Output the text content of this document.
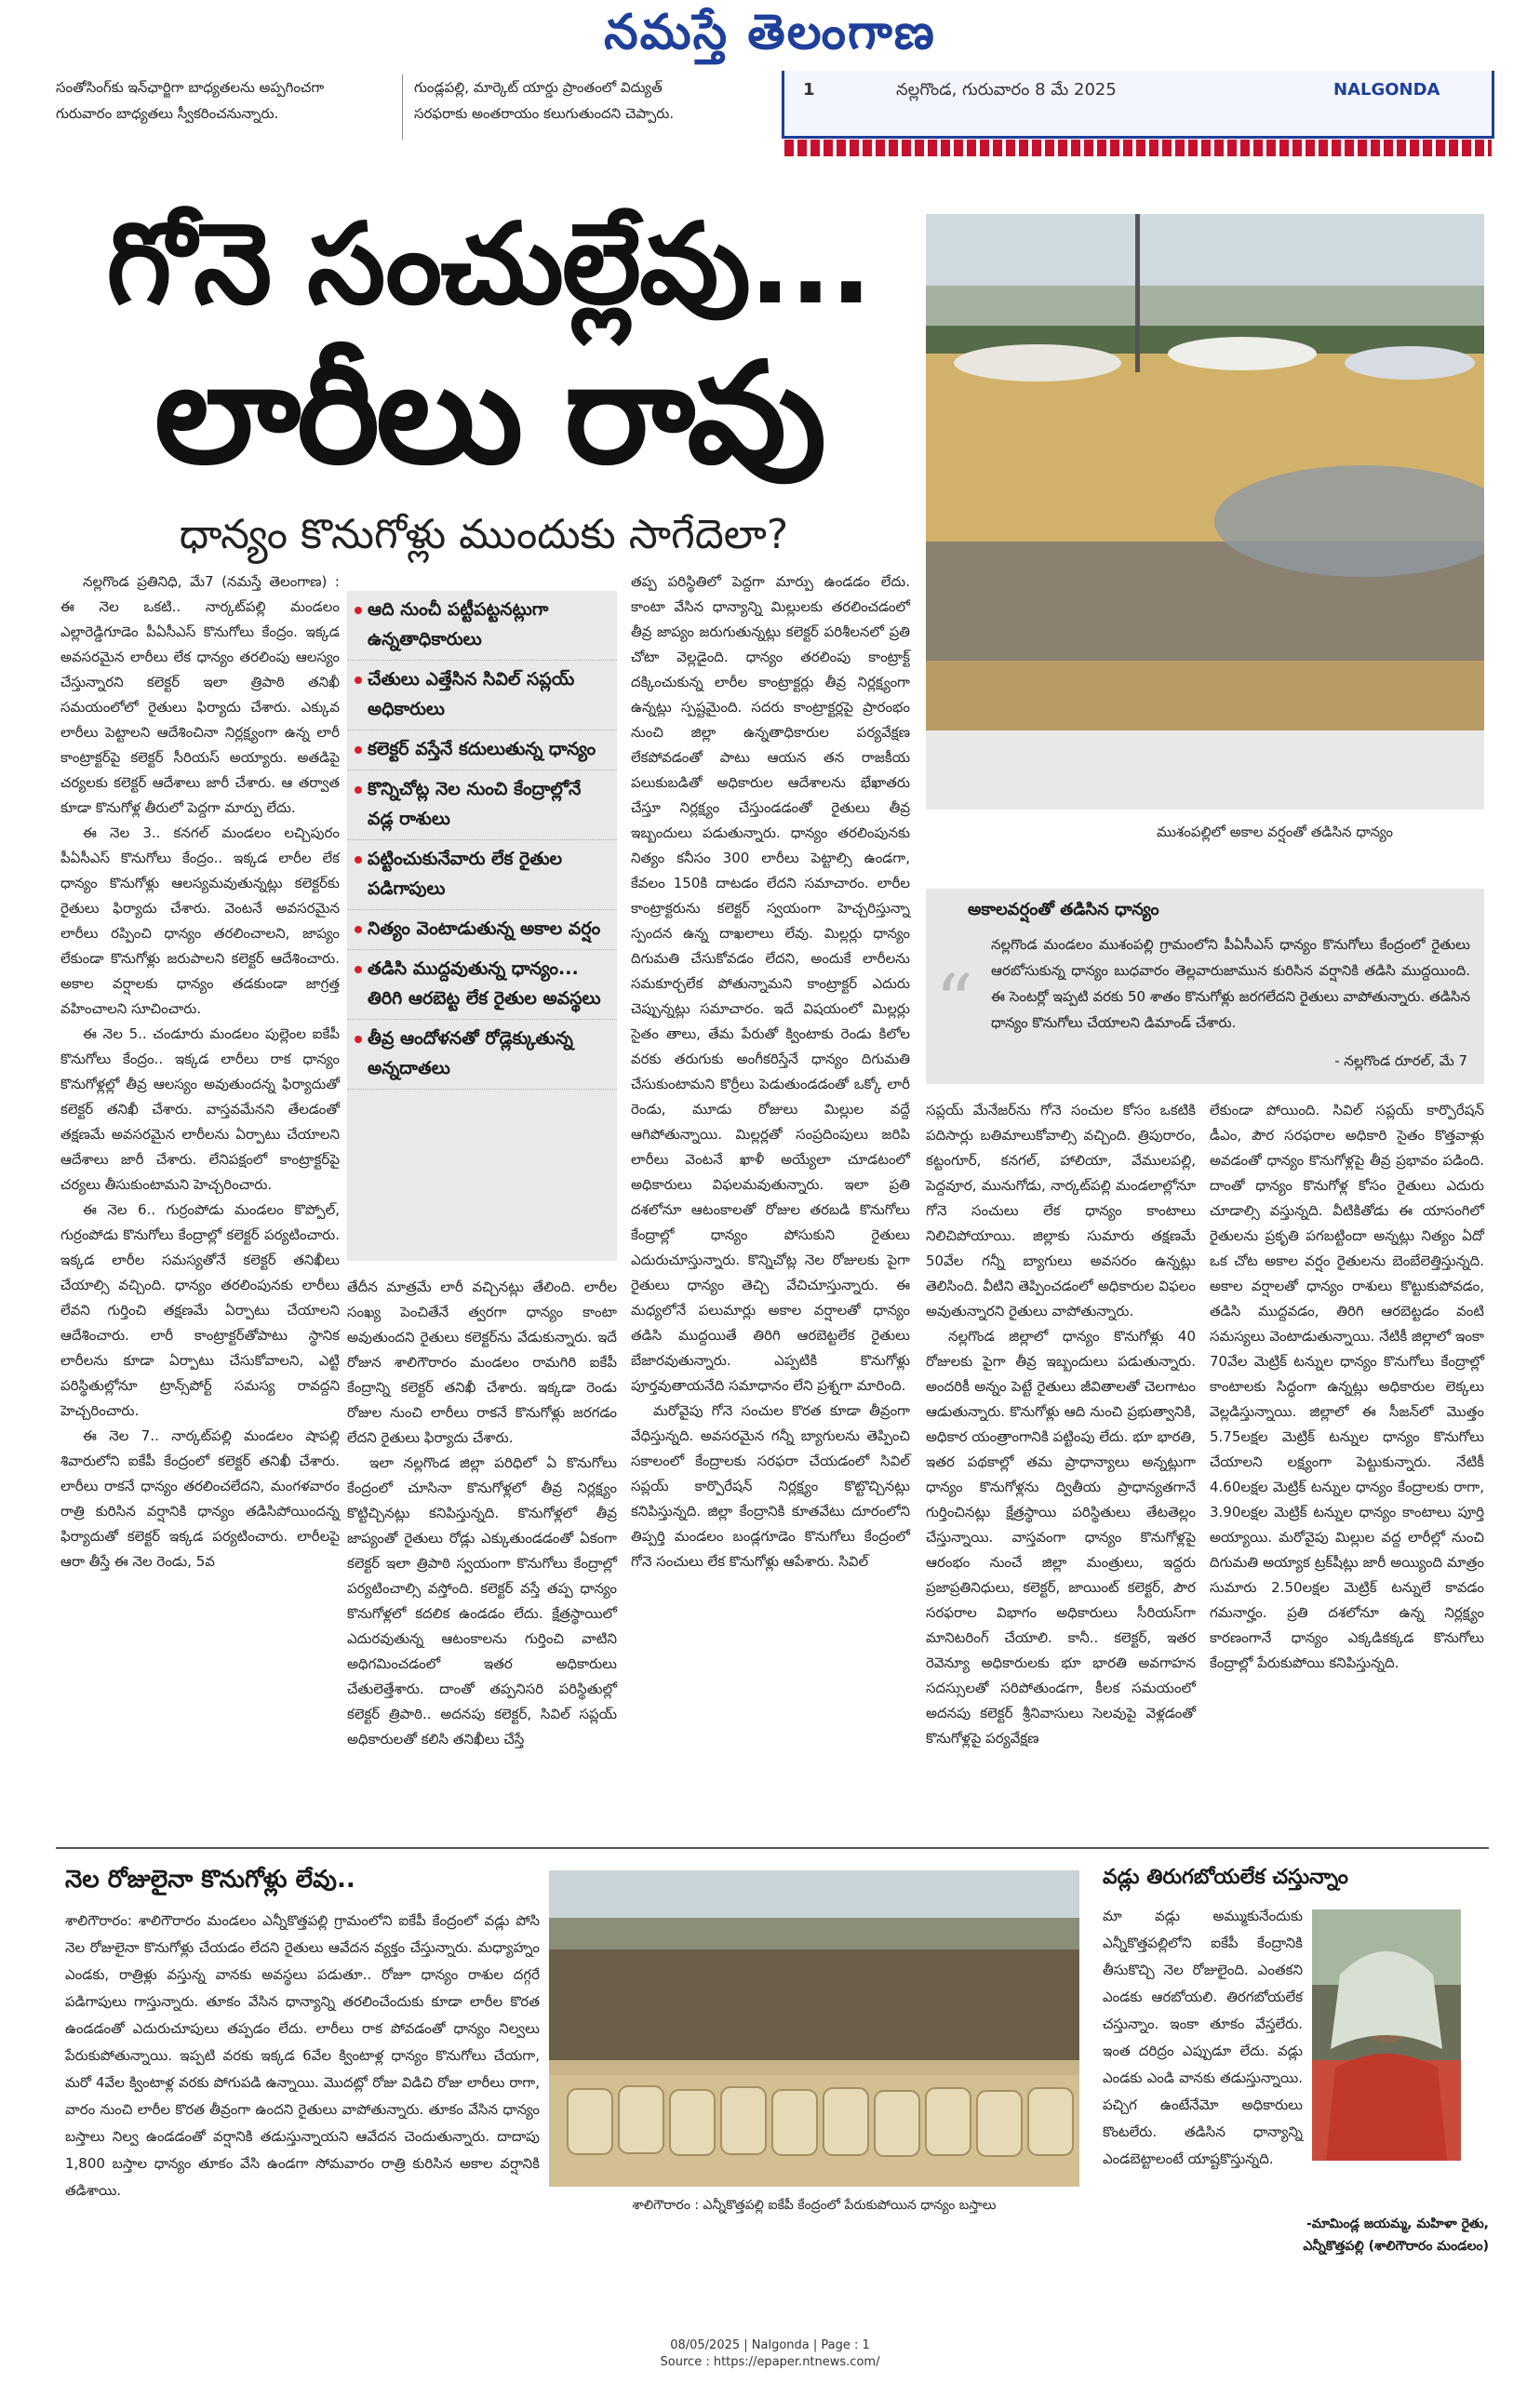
నమస్తే తెలంగాణ
సంతోసింగ్‌కు ఇన్‌ఛార్జిగా బాధ్యతలను అప్పగించగా
గురువారం బాధ్యతలు స్వీకరించనున్నారు.
గుండ్లపల్లి, మార్కెట్ యార్డు ప్రాంతంలో విద్యుత్
సరఫరాకు అంతరాయం కలుగుతుందని చెప్పారు.
1	నల్లగొండ, గురువారం 8 మే 2025	NALGONDA
గోనె సంచుల్లేవు...
లారీలు రావు
ధాన్యం కొనుగోళ్లు ముందుకు సాగేదెలా?
ముశంపల్లిలో అకాల వర్షంతో తడిసిన ధాన్యం

నల్లగొండ ప్రతినిధి, మే7 (నమస్తే తెలంగాణ) : ఈ నెల ఒకటి.. నార్కట్‌పల్లి మండలం ఎల్లారెడ్డిగూడెం పీఏసీఎస్ కొనుగోలు కేంద్రం. ఇక్కడ అవసరమైన లారీలు లేక ధాన్యం తరలింపు ఆలస్యం చేస్తున్నారని కలెక్టర్ ఇలా త్రిపాఠి తనిఖీ సమయంలోలో రైతులు ఫిర్యాదు చేశారు. ఎక్కువ లారీలు పెట్టాలని ఆదేశించినా నిర్లక్ష్యంగా ఉన్న లారీ కాంట్రాక్టర్‌పై కలెక్టర్ సీరియస్ అయ్యారు. అతడిపై చర్యలకు కలెక్టర్ ఆదేశాలు జారీ చేశారు. ఆ తర్వాత కూడా కొనుగోళ్ల తీరులో పెద్దగా మార్పు లేదు.

ఈ నెల 3.. కనగల్ మండలం లచ్చిపురం పీఏసీఎస్ కొనుగోలు కేంద్రం.. ఇక్కడ లారీల లేక ధాన్యం కొనుగోళ్లు ఆలస్యమవుతున్నట్లు కలెక్టర్‌కు రైతులు ఫిర్యాదు చేశారు. వెంటనే అవసరమైన లారీలు రప్పించి ధాన్యం తరలించాలని, జాప్యం లేకుండా కొనుగోళ్లు జరుపాలని కలెక్టర్ ఆదేశించారు. అకాల వర్షాలకు ధాన్యం తడకుండా జాగ్రత్త వహించాలని సూచించారు.

ఈ నెల 5.. చండూరు మండలం పుల్లెంల ఐకేపీ కొనుగోలు కేంద్రం.. ఇక్కడ లారీలు రాక ధాన్యం కొనుగోళ్లల్లో తీవ్ర ఆలస్యం అవుతుందన్న ఫిర్యాదుతో కలెక్టర్ తనిఖీ చేశారు. వాస్తవమేనని తేలడంతో తక్షణమే అవసరమైన లారీలను ఏర్పాటు చేయాలని ఆదేశాలు జారీ చేశారు. లేనిపక్షంలో కాంట్రాక్టర్‌పై చర్యలు తీసుకుంటామని హెచ్చరించారు.

ఈ నెల 6.. గుర్రంపోడు మండలం కొప్పోల్, గుర్రంపోడు కొనుగోలు కేంద్రాల్లో కలెక్టర్ పర్యటించారు. ఇక్కడ లారీల సమస్యతోనే కలెక్టర్ తనిఖీలు చేయాల్సి వచ్చింది. ధాన్యం తరలింపునకు లారీలు లేవని గుర్తించి తక్షణమే ఏర్పాటు చేయాలని ఆదేశించారు. లారీ కాంట్రాక్టర్‌తోపాటు స్థానిక లారీలను కూడా ఏర్పాటు చేసుకోవాలని, ఎట్టి పరిస్థితుల్లోనూ ట్రాన్స్‌పోర్ట్ సమస్య రావద్దని హెచ్చరించారు.

ఈ నెల 7.. నార్కట్‌పల్లి మండలం షాపల్లి శివారులోని ఐకేపీ కేంద్రంలో కలెక్టర్ తనిఖీ చేశారు. లారీలు రాకనే ధాన్యం తరలించలేదని, మంగళవారం రాత్రి కురిసిన వర్షానికి ధాన్యం తడిసిపోయిందన్న ఫిర్యాదుతో కలెక్టర్ ఇక్కడ పర్యటించారు. లారీలపై ఆరా తీస్తే ఈ నెల రెండు, 5వ

ఆది నుంచీ పట్టీపట్టనట్లుగా ఉన్నతాధికారులు
చేతులు ఎత్తేసిన సివిల్ సప్లయ్ అధికారులు
కలెక్టర్ వస్తేనే కదులుతున్న ధాన్యం
కొన్నిచోట్ల నెల నుంచి కేంద్రాల్లోనే వడ్ల రాశులు
పట్టించుకునేవారు లేక రైతుల పడిగాపులు
నిత్యం వెంటాడుతున్న అకాల వర్షం
తడిసి ముద్దవుతున్న ధాన్యం... తిరిగి ఆరబెట్ట లేక రైతుల అవస్థలు
తీవ్ర ఆందోళనతో రోడ్లెక్కుతున్న అన్నదాతలు

తేదీన మాత్రమే లారీ వచ్చినట్లు తేలింది. లారీల సంఖ్య పెంచితేనే త్వరగా ధాన్యం కాంటా అవుతుందని రైతులు కలెక్టర్‌ను వేడుకున్నారు. ఇదే రోజున శాలిగౌరారం మండలం రామగిరి ఐకేపీ కేంద్రాన్ని కలెక్టర్ తనిఖీ చేశారు. ఇక్కడా రెండు రోజుల నుంచి లారీలు రాకనే కొనుగోళ్లు జరగడం లేదని రైతులు ఫిర్యాదు చేశారు.

ఇలా నల్లగొండ జిల్లా పరిధిలో ఏ కొనుగోలు కేంద్రంలో చూసినా కొనుగోళ్లలో తీవ్ర నిర్లక్ష్యం కొట్టిచ్చినట్లు కనిపిస్తున్నది. కొనుగోళ్లలో తీవ్ర జాప్యంతో రైతులు రోడ్లు ఎక్కుతుండడంతో ఏకంగా కలెక్టర్ ఇలా త్రిపాఠి స్వయంగా కొనుగోలు కేంద్రాల్లో పర్యటించాల్సి వస్తోంది. కలెక్టర్ వస్తే తప్ప ధాన్యం కొనుగోళ్లలో కదలిక ఉండడం లేదు. క్షేత్రస్థాయిలో ఎదురవుతున్న ఆటంకాలను గుర్తించి వాటిని అధిగమించడంలో ఇతర అధికారులు చేతులెత్తేశారు. దాంతో తప్పనిసరి పరిస్థితుల్లో కలెక్టర్ త్రిపాఠి.. అదనపు కలెక్టర్, సివిల్ సప్లయ్ అధికారులతో కలిసి తనిఖీలు చేస్తే

తప్ప పరిస్థితిలో పెద్దగా మార్పు ఉండడం లేదు. కాంటా వేసిన ధాన్యాన్ని మిల్లులకు తరలించడంలో తీవ్ర జాప్యం జరుగుతున్నట్లు కలెక్టర్ పరిశీలనలో ప్రతి చోటా వెల్లడైంది. ధాన్యం తరలింపు కాంట్రాక్ట్ దక్కించుకున్న లారీల కాంట్రాక్టర్లు తీవ్ర నిర్లక్ష్యంగా ఉన్నట్లు స్పష్టమైంది. సదరు కాంట్రాక్టర్లపై ప్రారంభం నుంచి జిల్లా ఉన్నతాధికారుల పర్యవేక్షణ లేకపోవడంతో పాటు ఆయన తన రాజకీయ పలుకుబడితో అధికారుల ఆదేశాలను భేఖాతరు చేస్తూ నిర్లక్ష్యం చేస్తుండడంతో రైతులు తీవ్ర ఇబ్బందులు పడుతున్నారు. ధాన్యం తరలింపునకు నిత్యం కనీసం 300 లారీలు పెట్టాల్సి ఉండగా, కేవలం 150కి దాటడం లేదని సమాచారం. లారీల కాంట్రాక్టరును కలెక్టర్ స్వయంగా హెచ్చరిస్తున్నా స్పందన ఉన్న దాఖలాలు లేవు. మిల్లర్లు ధాన్యం దిగుమతి చేసుకోవడం లేదని, అందుకే లారీలను సమకూర్చలేక పోతున్నామని కాంట్రాక్టర్ ఎదురు చెప్పున్నట్లు సమాచారం. ఇదే విషయంలో మిల్లర్లు సైతం తాలు, తేమ పేరుతో క్వింటాకు రెండు కిలోల వరకు తరుగుకు అంగీకరిస్తేనే ధాన్యం దిగుమతి చేసుకుంటామని కొర్రీలు పెడుతుండడంతో ఒక్కో లారీ రెండు, మూడు రోజులు మిల్లుల వద్దే ఆగిపోతున్నాయి. మిల్లర్లతో సంప్రదింపులు జరిపి లారీలు వెంటనే ఖాళీ అయ్యేలా చూడటంలో అధికారులు విఫలమవుతున్నారు. ఇలా ప్రతి దశలోనూ ఆటంకాలతో రోజుల తరబడి కొనుగోలు కేంద్రాల్లో ధాన్యం పోసుకుని రైతులు ఎదురుచూస్తున్నారు. కొన్నిచోట్ల నెల రోజులకు పైగా రైతులు ధాన్యం తెచ్చి వేచిచూస్తున్నారు. ఈ మధ్యలోనే పలుమార్లు అకాల వర్షాలతో ధాన్యం తడిసి ముద్దయితే తిరిగి ఆరబెట్టలేక రైతులు బేజారవుతున్నారు. ఎప్పటికి కొనుగోళ్లు పూర్తవుతాయనేది సమాధానం లేని ప్రశ్నగా మారింది.

మరోవైపు గోనె సంచుల కొరత కూడా తీవ్రంగా వేధిస్తున్నది. అవసరమైన గన్నీ బ్యాగులను తెప్పించి సకాలంలో కేంద్రాలకు సరఫరా చేయడంలో సివిల్ సప్లయ్ కార్పొరేషన్ నిర్లక్ష్యం కొట్టొచ్చినట్లు కనిపిస్తున్నది. జిల్లా కేంద్రానికి కూతవేటు దూరంలోని తిప్పర్తి మండలం బండ్లగూడెం కొనుగోలు కేంద్రంలో గోనె సంచులు లేక కొనుగోళ్లు ఆపేశారు. సివిల్

అకాలవర్షంతో తడిసిన ధాన్యం
“
నల్లగొండ మండలం ముశంపల్లి గ్రామంలోని పీఏసీఎస్ ధాన్యం కొనుగోలు కేంద్రంలో రైతులు ఆరబోసుకున్న ధాన్యం బుధవారం తెల్లవారుజామున కురిసిన వర్షానికి తడిసి ముద్దయింది. ఈ సెంటర్లో ఇప్పటి వరకు 50 శాతం కొనుగోళ్లు జరగలేదని రైతులు వాపోతున్నారు. తడిసిన ధాన్యం కొనుగోలు చేయాలని డిమాండ్ చేశారు.
- నల్లగొండ రూరల్, మే 7

సప్లయ్ మేనేజర్‌ను గోనె సంచుల కోసం ఒకటికి పదిసార్లు బతిమాలుకోవాల్సి వచ్చింది. త్రిపురారం, కట్టంగూర్, కనగల్, హాలియా, వేములపల్లి, పెద్దవూర, మునుగోడు, నార్కట్‌పల్లి మండలాల్లోనూ గోనె సంచులు లేక ధాన్యం కాంటాలు నిలిచిపోయాయి. జిల్లాకు సుమారు తక్షణమే 50వేల గన్నీ బ్యాగులు అవసరం ఉన్నట్లు తెలిసింది. వీటిని తెప్పించడంలో అధికారుల విఫలం అవుతున్నారని రైతులు వాపోతున్నారు.

నల్లగొండ జిల్లాలో ధాన్యం కొనుగోళ్లు 40 రోజులకు పైగా తీవ్ర ఇబ్బందులు పడుతున్నారు. అందరికీ అన్నం పెట్టే రైతులు జీవితాలతో చెలగాటం ఆడుతున్నారు. కొనుగోళ్లు ఆది నుంచి ప్రభుత్వానికి, అధికార యంత్రాంగానికి పట్టింపు లేదు. భూ భారతి, ఇతర పథకాల్లో తమ ప్రాధాన్యాలు అన్నట్లుగా ధాన్యం కొనుగోళ్లను ద్వితీయ ప్రాధాన్యతగానే గుర్తించినట్లు క్షేత్రస్థాయి పరిస్థితులు తేటతెల్లం చేస్తున్నాయి. వాస్తవంగా ధాన్యం కొనుగోళ్లపై ఆరంభం నుంచే జిల్లా మంత్రులు, ఇద్దరు ప్రజాప్రతినిధులు, కలెక్టర్, జాయింట్ కలెక్టర్, పౌర సరఫరాల విభాగం అధికారులు సీరియస్‌గా మానిటరింగ్ చేయాలి. కానీ.. కలెక్టర్, ఇతర రెవెన్యూ అధికారులకు భూ భారతి అవగాహన సదస్సులతో సరిపోతుండగా, కీలక సమయంలో అదనపు కలెక్టర్ శ్రీనివాసులు సెలవుపై వెళ్లడంతో కొనుగోళ్లపై పర్యవేక్షణ

లేకుండా పోయింది. సివిల్ సప్లయ్ కార్పొరేషన్ డీఎం, పౌర సరఫరాల అధికారి సైతం కొత్తవాళ్లు అవడంతో ధాన్యం కొనుగోళ్లపై తీవ్ర ప్రభావం పడింది. దాంతో ధాన్యం కొనుగోళ్ల కోసం రైతులు ఎదురు చూడాల్సి వస్తున్నది. వీటికితోడు ఈ యాసంగిలో రైతులను ప్రకృతి పగబట్టిందా అన్నట్లు నిత్యం ఏదో ఒక చోట అకాల వర్షం రైతులను బెంబేలెత్తిస్తున్నది. అకాల వర్షాలతో ధాన్యం రాశులు కొట్టుకుపోవడం, తడిసి ముద్దవడం, తిరిగి ఆరబెట్టడం వంటి సమస్యలు వెంటాడుతున్నాయి. నేటికీ జిల్లాలో ఇంకా 70వేల మెట్రిక్ టన్నుల ధాన్యం కొనుగోలు కేంద్రాల్లో కాంటాలకు సిద్ధంగా ఉన్నట్లు అధికారుల లెక్కలు వెల్లడిస్తున్నాయి. జిల్లాలో ఈ సీజన్‌లో మొత్తం 5.75లక్షల మెట్రిక్ టన్నుల ధాన్యం కొనుగోలు చేయాలని లక్ష్యంగా పెట్టుకున్నారు. నేటికీ 4.60లక్షల మెట్రిక్ టన్నుల ధాన్యం కేంద్రాలకు రాగా, 3.90లక్షల మెట్రిక్ టన్నుల ధాన్యం కాంటాలు పూర్తి అయ్యాయి. మరోవైపు మిల్లుల వద్ద లారీల్లో నుంచి దిగుమతి అయ్యాక ట్రక్‌షీట్లు జారీ అయ్యింది మాత్రం సుమారు 2.50లక్షల మెట్రిక్ టన్నులే కావడం గమనార్హం. ప్రతి దశలోనూ ఉన్న నిర్లక్ష్యం కారణంగానే ధాన్యం ఎక్కడికక్కడ కొనుగోలు కేంద్రాల్లో పేరుకుపోయి కనిపిస్తున్నది.

నెల రోజులైనా కొనుగోళ్లు లేవు..
శాలిగౌరారం: శాలిగౌరారం మండలం ఎన్నీకొత్తపల్లి గ్రామంలోని ఐకేపీ కేంద్రంలో వడ్లు పోసి నెల రోజులైనా కొనుగోళ్లు చేయడం లేదని రైతులు ఆవేదన వ్యక్తం చేస్తున్నారు. మధ్యాహ్నం ఎండకు, రాత్రిళ్లు వస్తున్న వానకు అవస్థలు పడుతూ.. రోజూ ధాన్యం రాశుల దగ్గరే పడిగాపులు గాస్తున్నారు. తూకం వేసిన ధాన్యాన్ని తరలించేందుకు కూడా లారీల కొరత ఉండడంతో ఎదురుచూపులు తప్పడం లేదు. లారీలు రాక పోవడంతో ధాన్యం నిల్వలు పేరుకుపోతున్నాయి. ఇప్పటి వరకు ఇక్కడ 6వేల క్వింటాళ్ల ధాన్యం కొనుగోలు చేయగా, మరో 4వేల క్వింటాళ్ల వరకు పోగుపడి ఉన్నాయి. మొదట్లో రోజు విడిచి రోజు లారీలు రాగా, వారం నుంచి లారీల కొరత తీవ్రంగా ఉందని రైతులు వాపోతున్నారు. తూకం వేసిన ధాన్యం బస్తాలు నిల్వ ఉండడంతో వర్షానికి తడుస్తున్నాయని ఆవేదన చెందుతున్నారు. దాదాపు 1,800 బస్తాల ధాన్యం తూకం వేసి ఉండగా సోమవారం రాత్రి కురిసిన అకాల వర్షానికి తడిశాయి.
శాలిగౌరారం : ఎన్నీకొత్తపల్లి ఐకేపీ కేంద్రంలో పేరుకుపోయిన ధాన్యం బస్తాలు
వడ్లు తిరుగబోయలేక చస్తున్నాం
మా వడ్లు అమ్ముకునేందుకు ఎన్నీకొత్తపల్లిలోని ఐకేపీ కేంద్రానికి తీసుకొచ్చి నెల రోజులైంది. ఎంతకని ఎండకు ఆరబోయలి. తిరగబోయలేక చస్తున్నాం. ఇంకా తూకం వేస్తలేరు. ఇంత దరిద్రం ఎప్పుడూ లేదు. వడ్లు ఎండకు ఎండి వానకు తడుస్తున్నాయి. పచ్చిగ ఉంటేనేమో అధికారులు కొంటలేరు. తడిసిన ధాన్యాన్ని ఎండబెట్టాలంటే యాష్టకొస్తున్నది.
-మామిండ్ల జయమ్మ, మహిళా రైతు,
ఎన్నీకొత్తపల్లి (శాలిగౌరారం మండలం)
08/05/2025 | Nalgonda | Page : 1
Source : https://epaper.ntnews.com/
